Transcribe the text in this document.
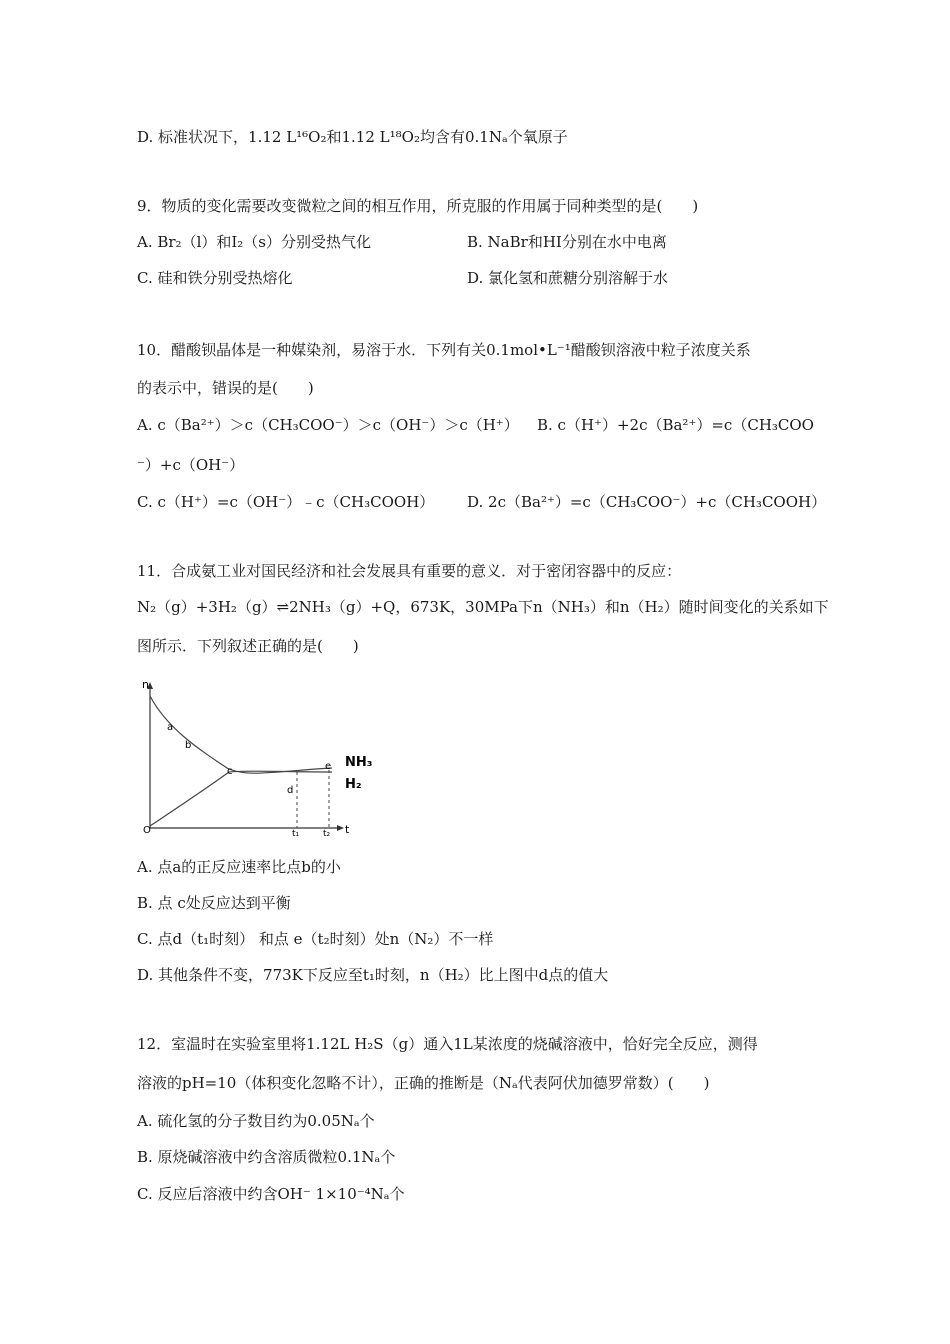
D. 标准状况下，1.12 L¹⁶O₂和1.12 L¹⁸O₂均含有0.1Nₐ个氧原子
9．物质的变化需要改变微粒之间的相互作用，所克服的作用属于同种类型的是(　　)
A. Br₂（l）和I₂（s）分别受热气化	B. NaBr和HI分别在水中电离
C. 硅和铁分别受热熔化	D. 氯化氢和蔗糖分别溶解于水
10．醋酸钡晶体是一种媒染剂，易溶于水．下列有关0.1mol•L⁻¹醋酸钡溶液中粒子浓度关系
的表示中，错误的是(　　)
A. c（Ba²⁺）＞c（CH₃COO⁻）＞c（OH⁻）＞c（H⁺） B. c（H⁺）+2c（Ba²⁺）=c（CH₃COO
⁻）+c（OH⁻）
C. c（H⁺）=c（OH⁻）﹣c（CH₃COOH） D. 2c（Ba²⁺）=c（CH₃COO⁻）+c（CH₃COOH）
11．合成氨工业对国民经济和社会发展具有重要的意义．对于密闭容器中的反应：
N₂（g）+3H₂（g）⇌2NH₃（g）+Q，673K，30MPa下n（NH₃）和n（H₂）随时间变化的关系如下
图所示．下列叙述正确的是(　　)
n
t
O
a
b
c
d
e
t₁	t₂
NH₃
H₂
A. 点a的正反应速率比点b的小
B. 点 c处反应达到平衡
C. 点d（t₁时刻） 和点 e（t₂时刻）处n（N₂）不一样
D. 其他条件不变，773K下反应至t₁时刻，n（H₂）比上图中d点的值大
12．室温时在实验室里将1.12L H₂S（g）通入1L某浓度的烧碱溶液中，恰好完全反应，测得
溶液的pH=10（体积变化忽略不计），正确的推断是（Nₐ代表阿伏加德罗常数）(　　)
A. 硫化氢的分子数目约为0.05Nₐ个
B. 原烧碱溶液中约含溶质微粒0.1Nₐ个
C. 反应后溶液中约含OH⁻ 1×10⁻⁴Nₐ个
